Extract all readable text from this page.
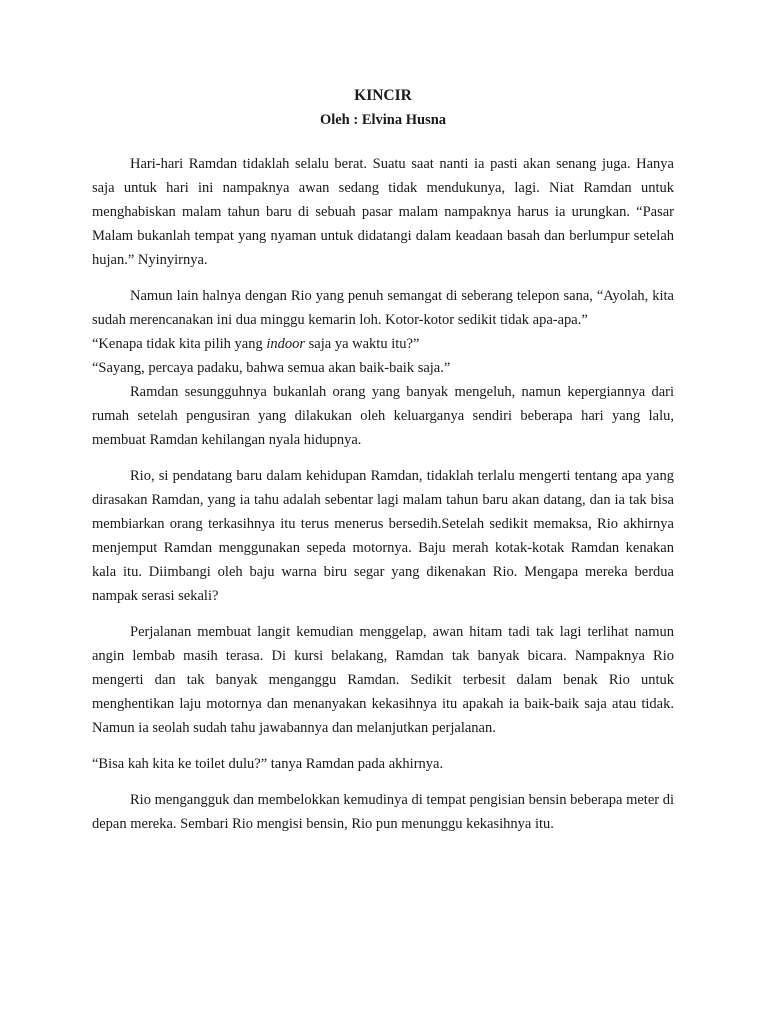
KINCIR

Oleh : Elvina Husna

Hari-hari Ramdan tidaklah selalu berat. Suatu saat nanti ia pasti akan senang juga. Hanya saja untuk hari ini nampaknya awan sedang tidak mendukunya, lagi. Niat Ramdan untuk menghabiskan malam tahun baru di sebuah pasar malam nampaknya harus ia urungkan. “Pasar Malam bukanlah tempat yang nyaman untuk didatangi dalam keadaan basah dan berlumpur setelah hujan.” Nyinyirnya.

Namun lain halnya dengan Rio yang penuh semangat di seberang telepon sana, “Ayolah, kita sudah merencanakan ini dua minggu kemarin loh. Kotor-kotor sedikit tidak apa-apa.”

“Kenapa tidak kita pilih yang indoor saja ya waktu itu?”

“Sayang, percaya padaku, bahwa semua akan baik-baik saja.”

Ramdan sesungguhnya bukanlah orang yang banyak mengeluh, namun kepergiannya dari rumah setelah pengusiran yang dilakukan oleh keluarganya sendiri beberapa hari yang lalu, membuat Ramdan kehilangan nyala hidupnya.

Rio, si pendatang baru dalam kehidupan Ramdan, tidaklah terlalu mengerti tentang apa yang dirasakan Ramdan, yang ia tahu adalah sebentar lagi malam tahun baru akan datang, dan ia tak bisa membiarkan orang terkasihnya itu terus menerus bersedih.Setelah sedikit memaksa, Rio akhirnya menjemput Ramdan menggunakan sepeda motornya. Baju merah kotak-kotak Ramdan kenakan kala itu. Diimbangi oleh baju warna biru segar yang dikenakan Rio. Mengapa mereka berdua nampak serasi sekali?

Perjalanan membuat langit kemudian menggelap, awan hitam tadi tak lagi terlihat namun angin lembab masih terasa. Di kursi belakang, Ramdan tak banyak bicara. Nampaknya Rio mengerti dan tak banyak menganggu Ramdan. Sedikit terbesit dalam benak Rio untuk menghentikan laju motornya dan menanyakan kekasihnya itu apakah ia baik-baik saja atau tidak. Namun ia seolah sudah tahu jawabannya dan melanjutkan perjalanan.

“Bisa kah kita ke toilet dulu?” tanya Ramdan pada akhirnya.

Rio mengangguk dan membelokkan kemudinya di tempat pengisian bensin beberapa meter di depan mereka. Sembari Rio mengisi bensin, Rio pun menunggu kekasihnya itu.
